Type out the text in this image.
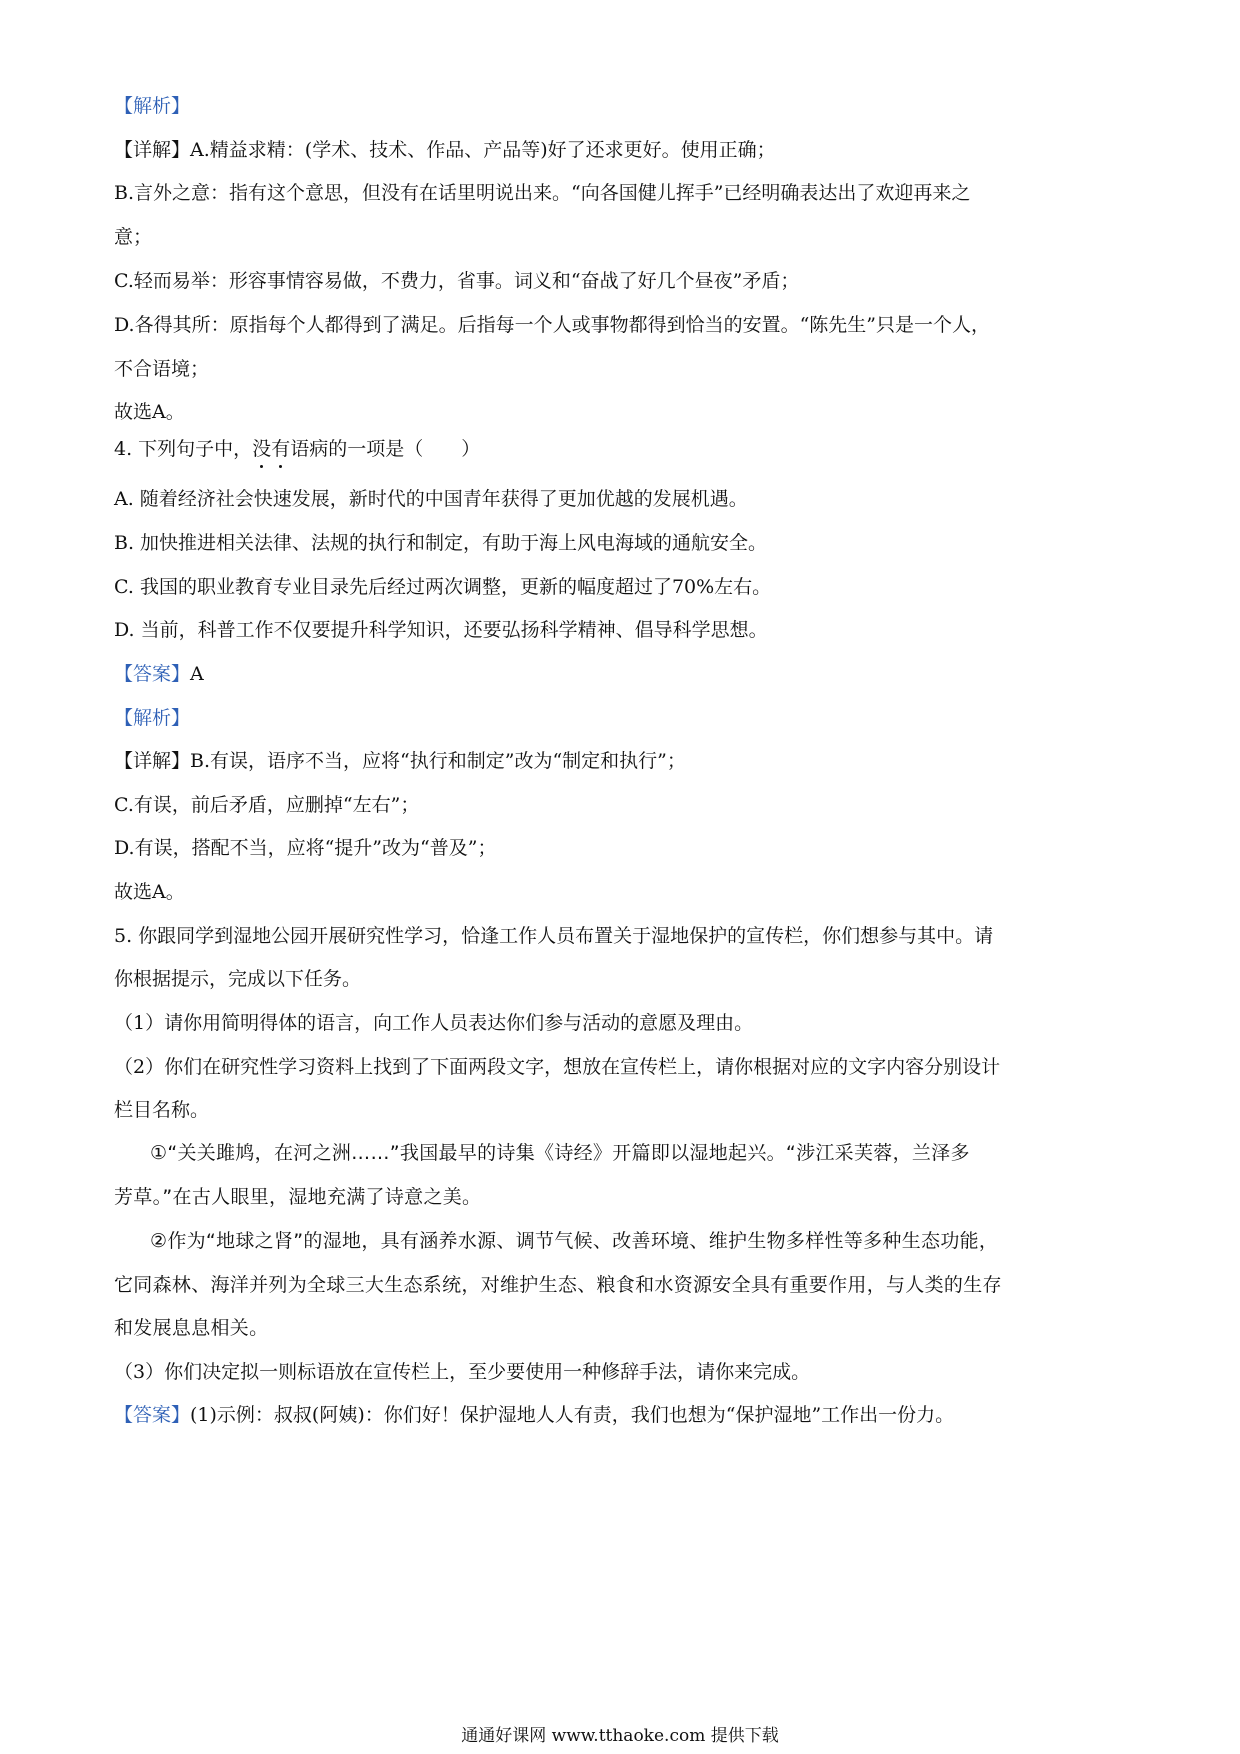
【解析】
【详解】A.精益求精：(学术、技术、作品、产品等)好了还求更好。使用正确；
B.言外之意：指有这个意思，但没有在话里明说出来。“向各国健儿挥手”已经明确表达出了欢迎再来之
意；
C.轻而易举：形容事情容易做，不费力，省事。词义和“奋战了好几个昼夜”矛盾；
D.各得其所：原指每个人都得到了满足。后指每一个人或事物都得到恰当的安置。“陈先生”只是一个人，
不合语境；
故选A。
4. 下列句子中，没有语病的一项是（　　）
A. 随着经济社会快速发展，新时代的中国青年获得了更加优越的发展机遇。
B. 加快推进相关法律、法规的执行和制定，有助于海上风电海域的通航安全。
C. 我国的职业教育专业目录先后经过两次调整，更新的幅度超过了70%左右。
D. 当前，科普工作不仅要提升科学知识，还要弘扬科学精神、倡导科学思想。
【答案】A
【解析】
【详解】B.有误，语序不当，应将“执行和制定”改为“制定和执行”；
C.有误，前后矛盾，应删掉“左右”；
D.有误，搭配不当，应将“提升”改为“普及”；
故选A。
5. 你跟同学到湿地公园开展研究性学习，恰逢工作人员布置关于湿地保护的宣传栏，你们想参与其中。请
你根据提示，完成以下任务。
（1）请你用简明得体的语言，向工作人员表达你们参与活动的意愿及理由。
（2）你们在研究性学习资料上找到了下面两段文字，想放在宣传栏上，请你根据对应的文字内容分别设计
栏目名称。
①“关关雎鸠，在河之洲……”我国最早的诗集《诗经》开篇即以湿地起兴。“涉江采芙蓉，兰泽多
芳草。”在古人眼里，湿地充满了诗意之美。
②作为“地球之肾”的湿地，具有涵养水源、调节气候、改善环境、维护生物多样性等多种生态功能，
它同森林、海洋并列为全球三大生态系统，对维护生态、粮食和水资源安全具有重要作用，与人类的生存
和发展息息相关。
（3）你们决定拟一则标语放在宣传栏上，至少要使用一种修辞手法，请你来完成。
【答案】(1)示例：叔叔(阿姨)：你们好！保护湿地人人有责，我们也想为“保护湿地”工作出一份力。
通通好课网 www.tthaoke.com 提供下载
